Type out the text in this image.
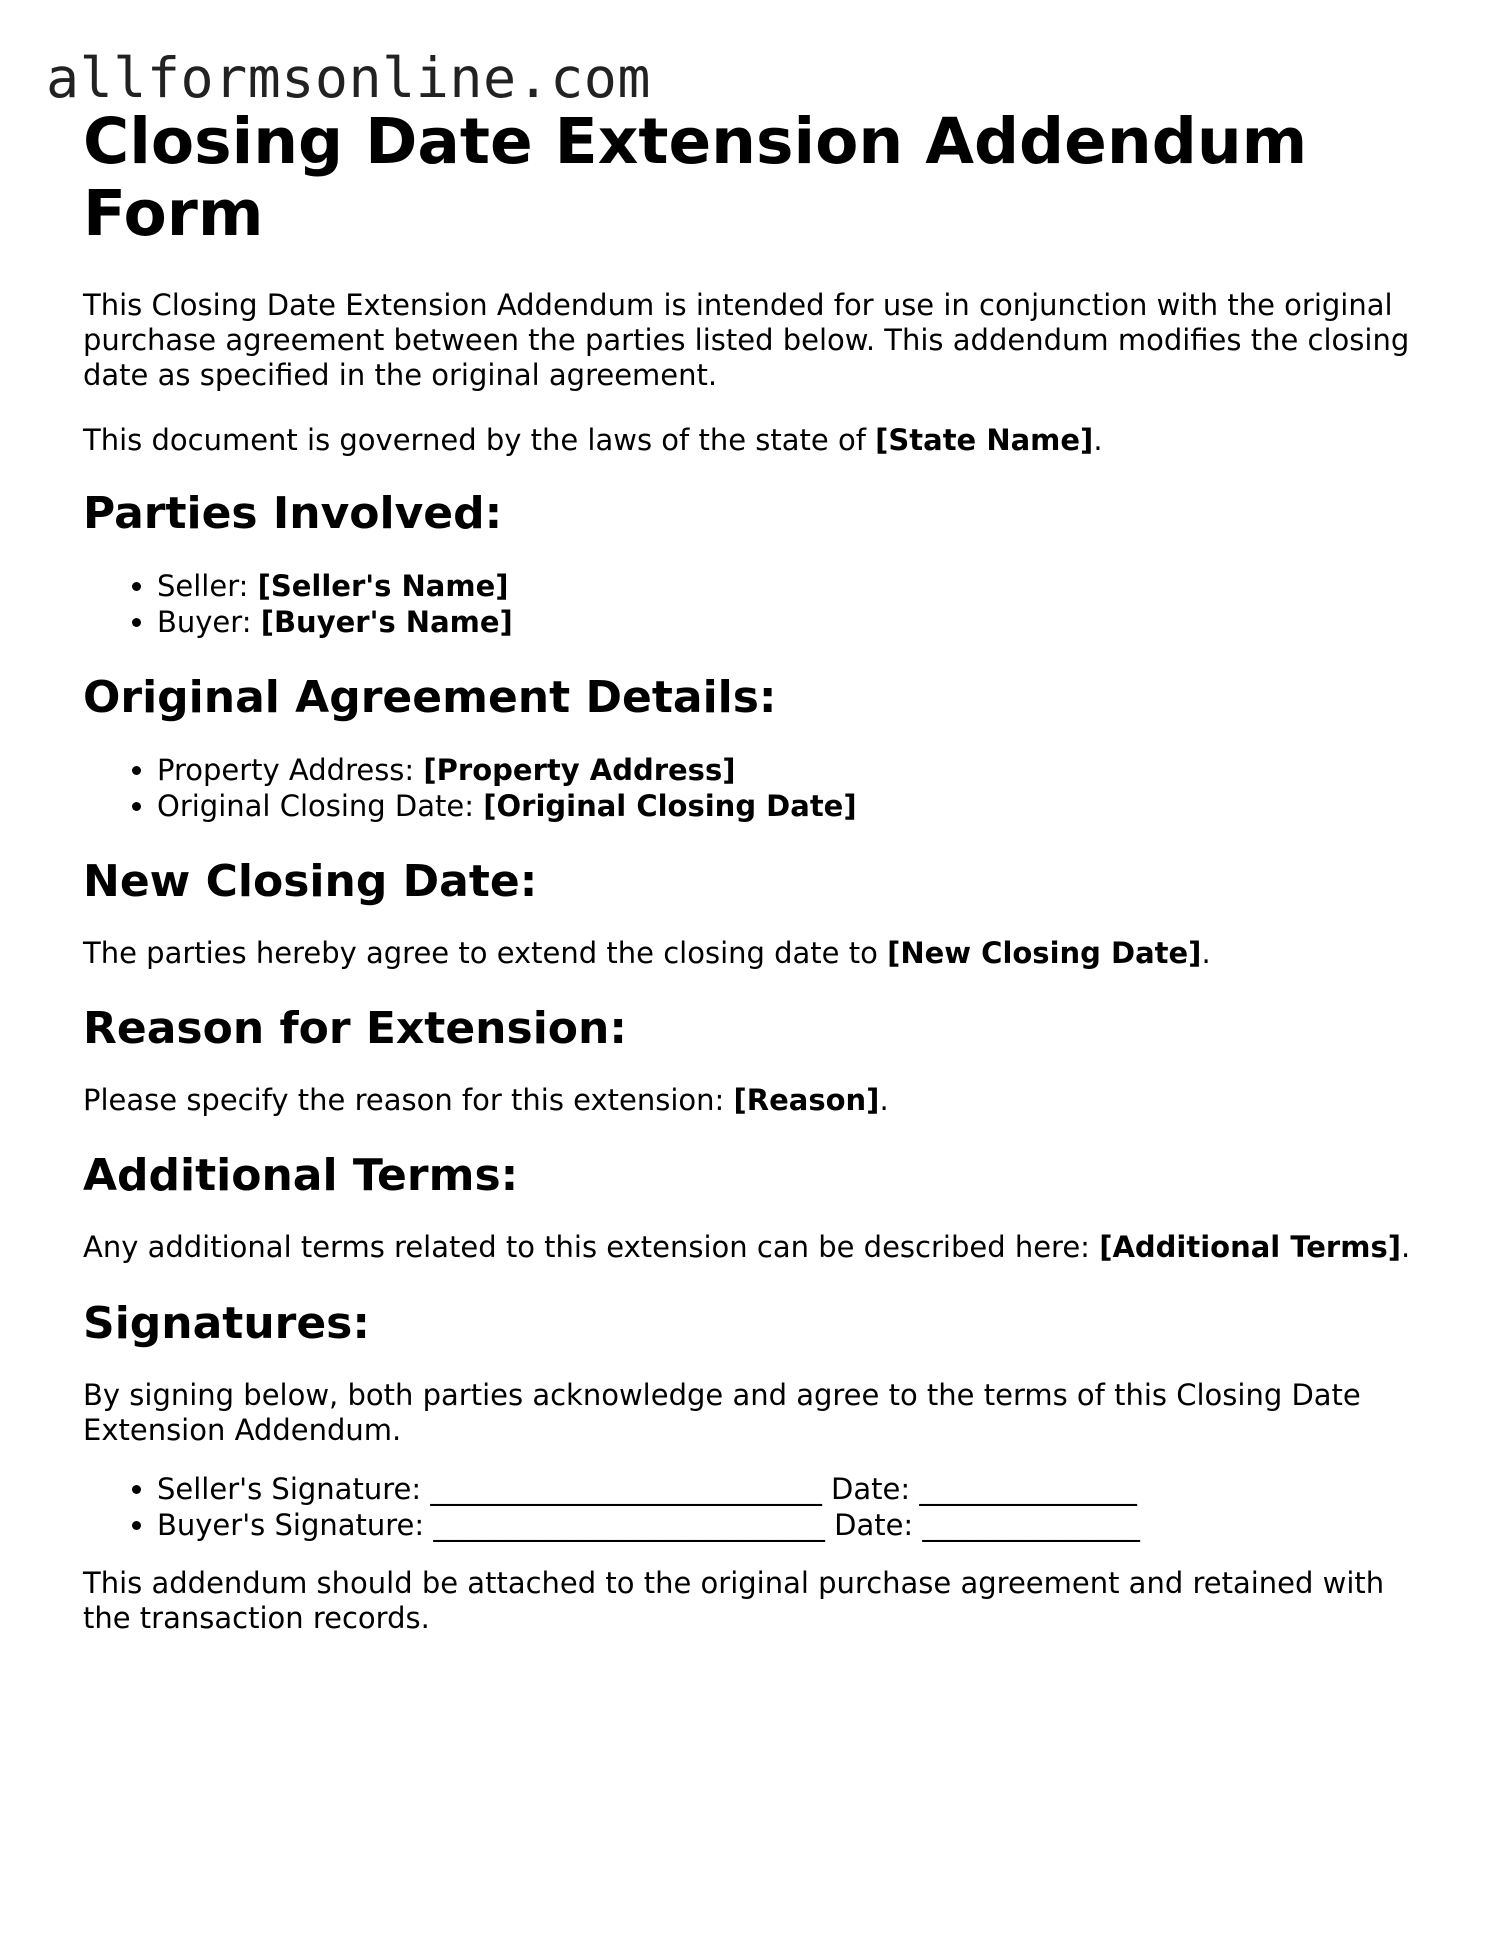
allformsonline.com
Closing Date Extension Addendum Form

This Closing Date Extension Addendum is intended for use in conjunction with the original purchase agreement between the parties listed below. This addendum modifies the closing date as specified in the original agreement.

This document is governed by the laws of the state of [State Name].

Parties Involved:
• Seller: [Seller's Name]
• Buyer: [Buyer's Name]
Original Agreement Details:
• Property Address: [Property Address]
• Original Closing Date: [Original Closing Date]
New Closing Date:

The parties hereby agree to extend the closing date to [New Closing Date].

Reason for Extension:

Please specify the reason for this extension: [Reason].

Additional Terms:

Any additional terms related to this extension can be described here: [Additional Terms].

Signatures:

By signing below, both parties acknowledge and agree to the terms of this Closing Date Extension Addendum.

• Seller's Signature: ___________________________ Date: _______________
• Buyer's Signature: ___________________________ Date: _______________

This addendum should be attached to the original purchase agreement and retained with the transaction records.
